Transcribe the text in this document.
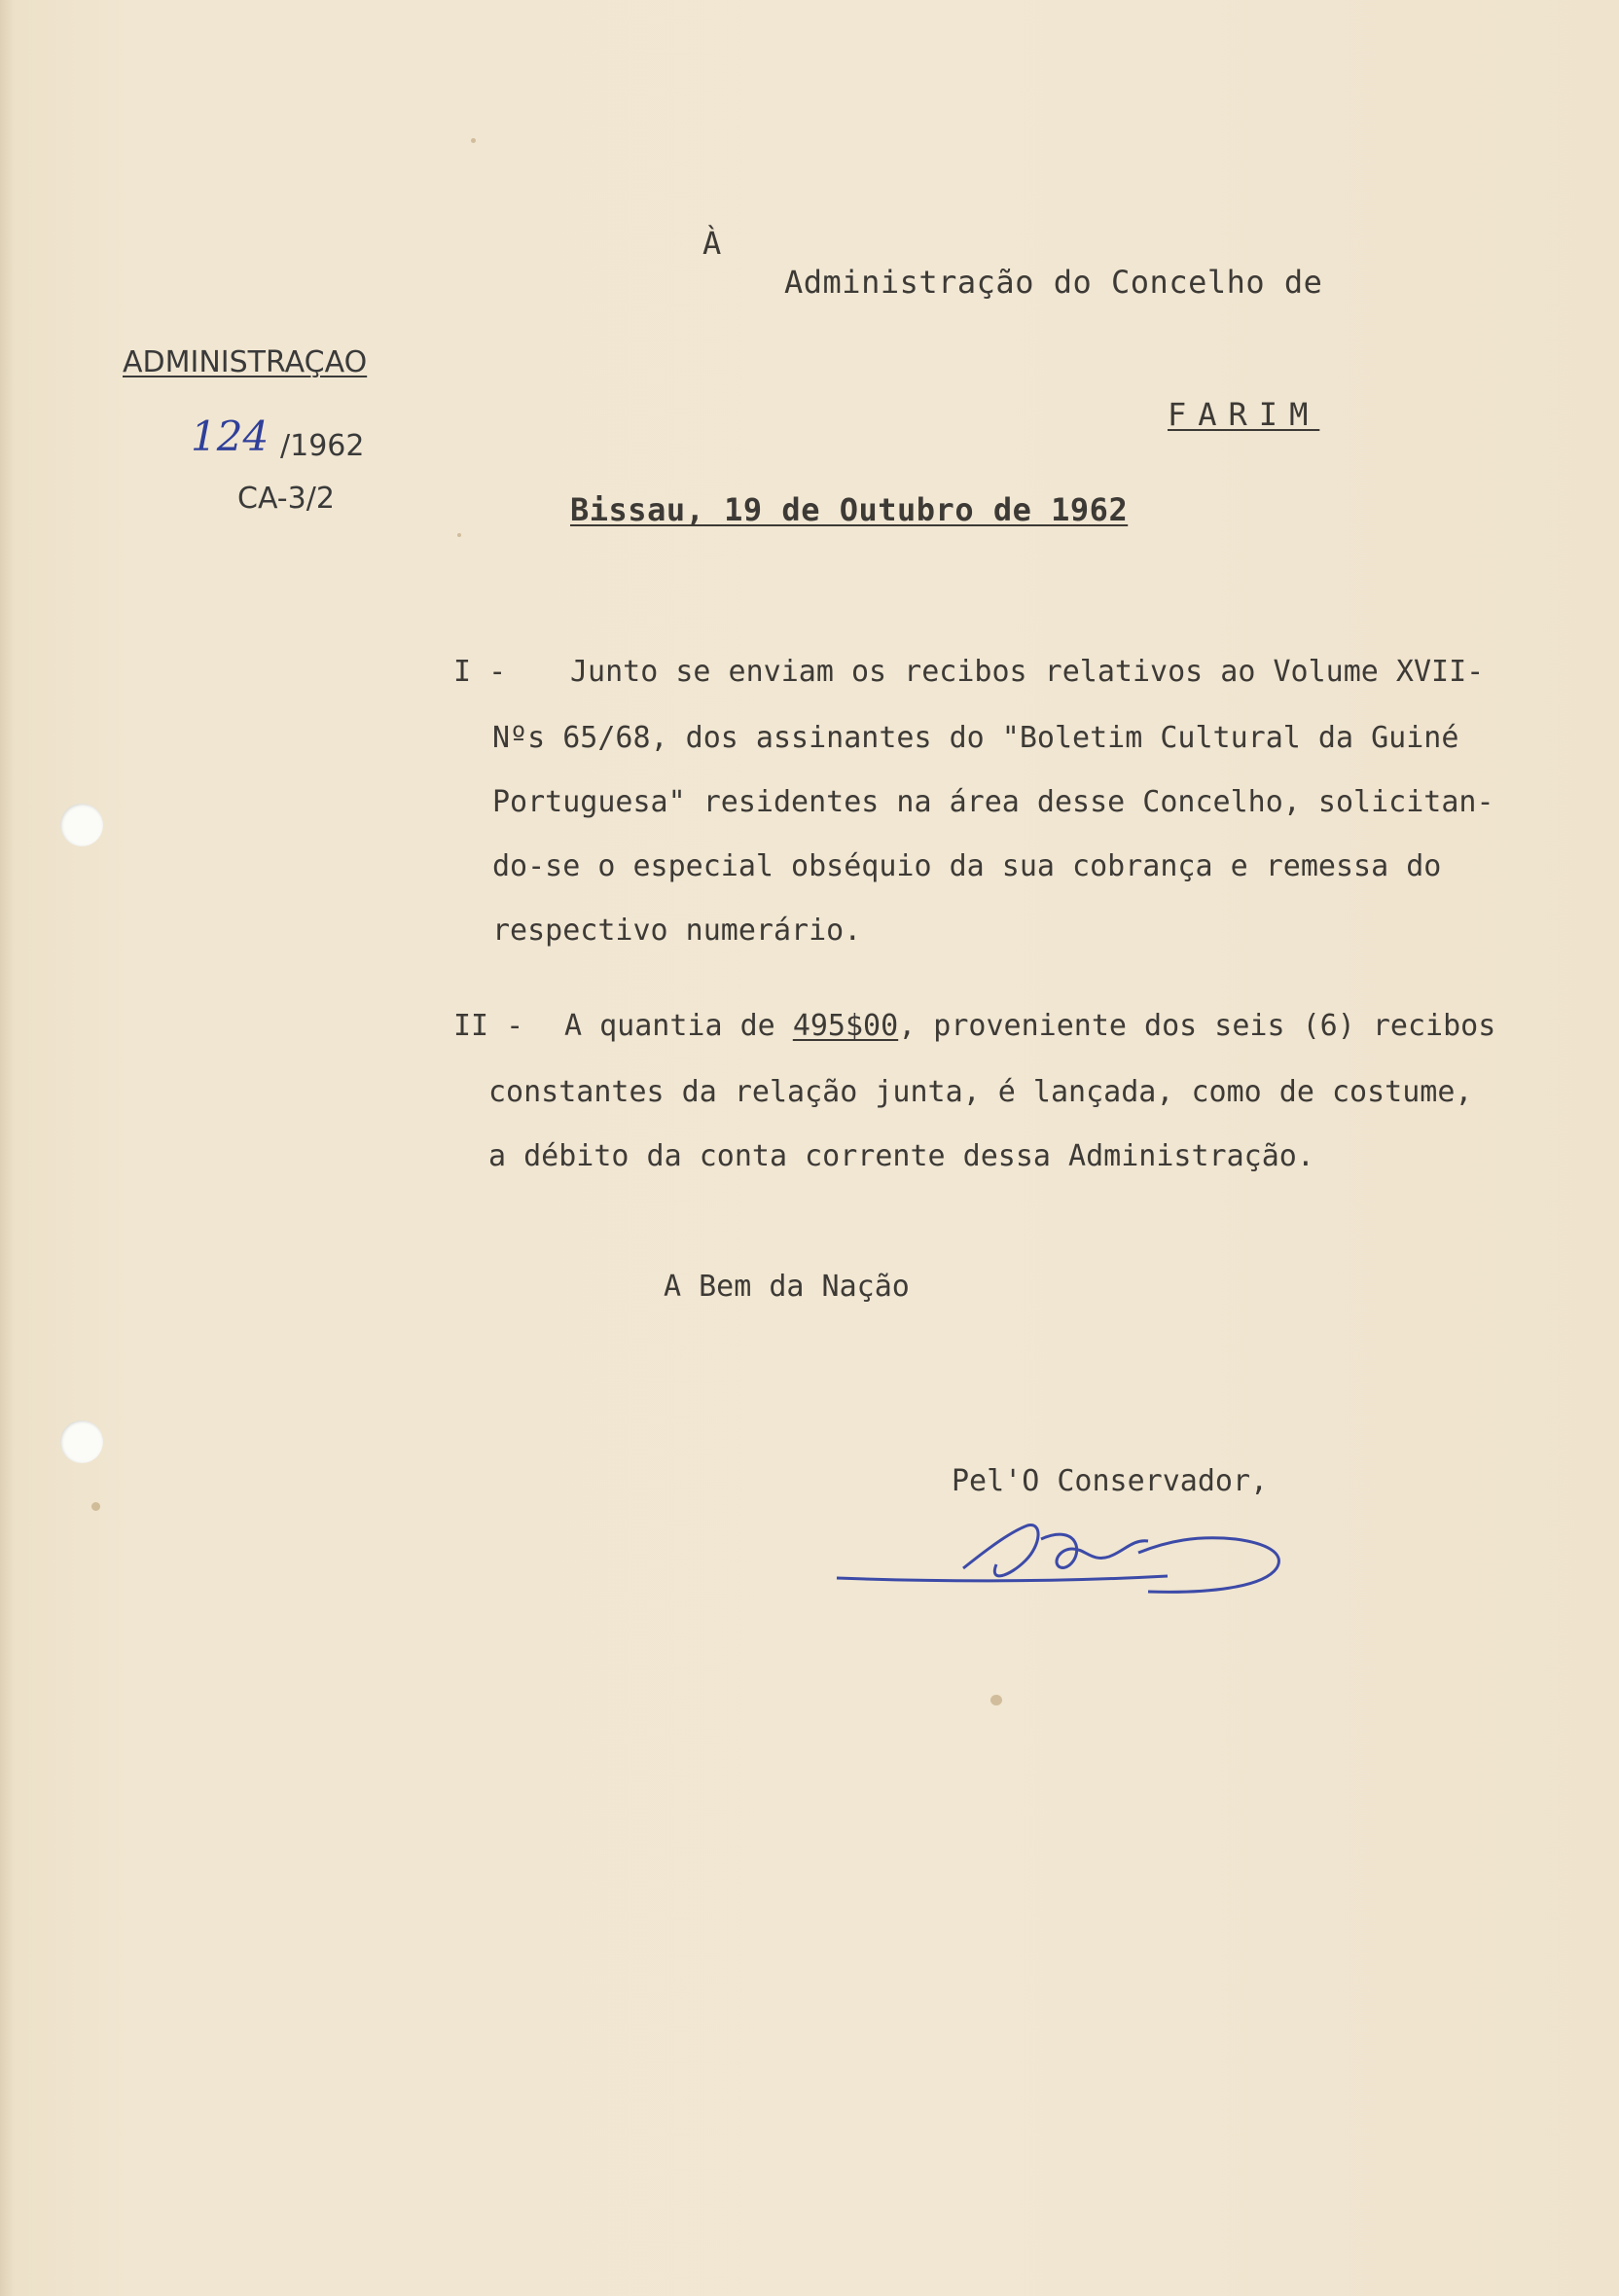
À
Administração do Concelho de
FARIM
ADMINISTRAÇAO
124 /1962
CA-3/2	Bissau, 19 de Outubro de 1962
I - Junto se enviam os recibos relativos ao Volume XVII-
Nºs 65/68, dos assinantes do "Boletim Cultural da Guiné
Portuguesa" residentes na área desse Concelho, solicitan-
do-se o especial obséquio da sua cobrança e remessa do
respectivo numerário.
II - A quantia de 495$00, proveniente dos seis (6) recibos
constantes da relação junta, é lançada, como de costume,
a débito da conta corrente dessa Administração.
A Bem da Nação
Pel'O Conservador,
